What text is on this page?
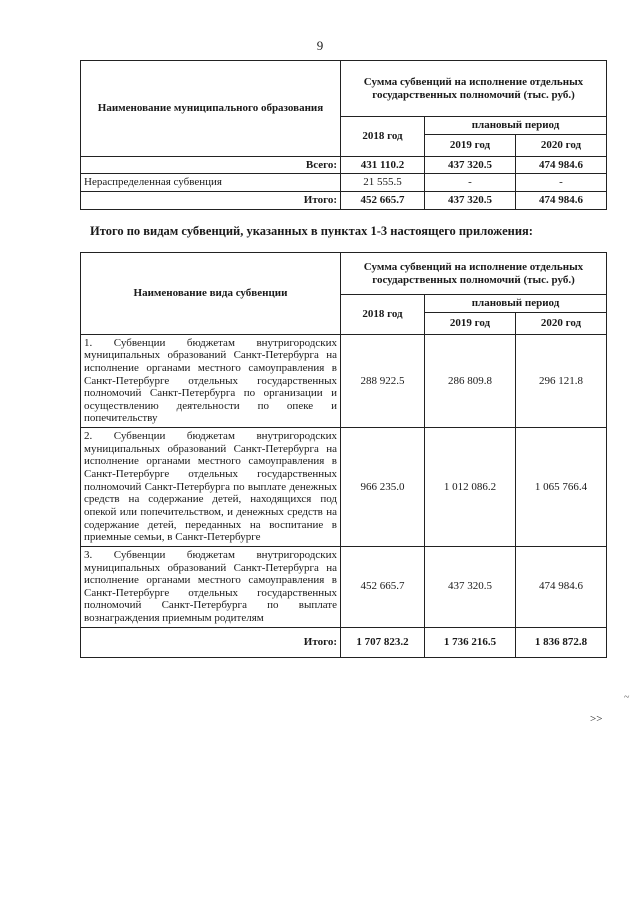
9
Наименование муниципального образования	Сумма субвенций на исполнение отдельных государственных полномочий (тыс. руб.)		
	2018 год	плановый период	
		2019 год	2020 год
Всего:	431 110.2	437 320.5	474 984.6
Нераспределенная субвенция	21 555.5	-	-
Итого:	452 665.7	437 320.5	474 984.6
Итого по видам субвенций, указанных в пунктах 1-3 настоящего приложения:
Наименование вида субвенции	Сумма субвенций на исполнение отдельных государственных полномочий (тыс. руб.)		
	2018 год	плановый период	
		2019 год	2020 год
1. Субвенции бюджетам внутригородских муниципальных образований Санкт-Петербурга на исполнение органами местного самоуправления в Санкт-Петербурге отдельных государственных полномочий Санкт-Петербурга по организации и осуществлению деятельности по опеке и попечительству	288 922.5	286 809.8	296 121.8
2. Субвенции бюджетам внутригородских муниципальных образований Санкт-Петербурга на исполнение органами местного самоуправления в Санкт-Петербурге отдельных государственных полномочий Санкт-Петербурга по выплате денежных средств на содержание детей, находящихся под опекой или попечительством, и денежных средств на содержание детей, переданных на воспитание в приемные семьи, в Санкт-Петербурге	966 235.0	1 012 086.2	1 065 766.4
3. Субвенции бюджетам внутригородских муниципальных образований Санкт-Петербурга на исполнение органами местного самоуправления в Санкт-Петербурге отдельных государственных полномочий Санкт-Петербурга по выплате вознаграждения приемным родителям	452 665.7	437 320.5	474 984.6
Итого:	1 707 823.2	1 736 216.5	1 836 872.8
~
>>
